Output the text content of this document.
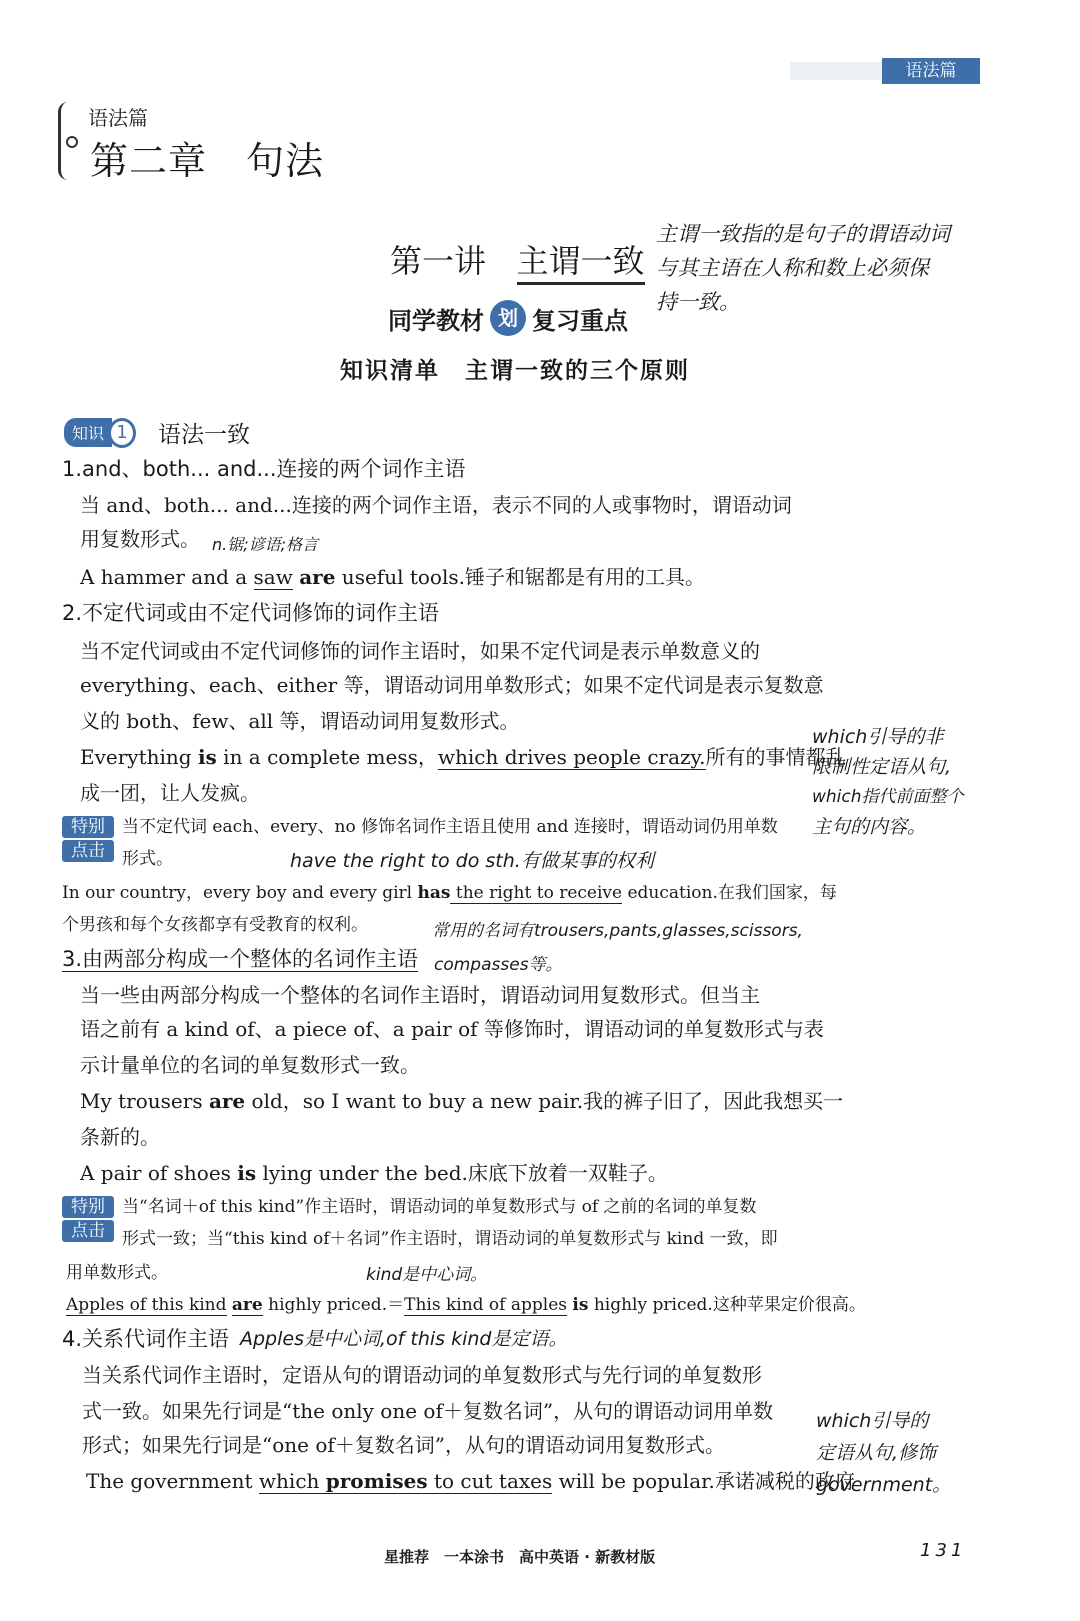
语法篇
语法篇
第二章　句法
第一讲 主谓一致
同学教材 划 复习重点
知识清单　主谓一致的三个原则
知识 1	语法一致
1.and、both... and...连接的两个词作主语
当 and、both... and...连接的两个词作主语，表示不同的人或事物时，谓语动词
用复数形式。
A hammer and a saw are useful tools.锤子和锯都是有用的工具。
2.不定代词或由不定代词修饰的词作主语
当不定代词或由不定代词修饰的词作主语时，如果不定代词是表示单数意义的
everything、each、either 等，谓语动词用单数形式；如果不定代词是表示复数意
义的 both、few、all 等，谓语动词用复数形式。
Everything is in a complete mess，which drives people crazy.所有的事情都乱
成一团，让人发疯。
特别
点击
当不定代词 each、every、no 修饰名词作主语且使用 and 连接时，谓语动词仍用单数
形式。
In our country，every boy and every girl has the right to receive education.在我们国家，每
个男孩和每个女孩都享有受教育的权利。
3.由两部分构成一个整体的名词作主语
当一些由两部分构成一个整体的名词作主语时，谓语动词用复数形式。但当主
语之前有 a kind of、a piece of、a pair of 等修饰时，谓语动词的单复数形式与表
示计量单位的名词的单复数形式一致。
My trousers are old，so I want to buy a new pair.我的裤子旧了，因此我想买一
条新的。
A pair of shoes is lying under the bed.床底下放着一双鞋子。
特别
点击
当“名词＋of this kind”作主语时，谓语动词的单复数形式与 of 之前的名词的单复数
形式一致；当“this kind of＋名词”作主语时，谓语动词的单复数形式与 kind 一致，即
用单数形式。
Apples of this kind are highly priced.＝This kind of apples is highly priced.这种苹果定价很高。
4.关系代词作主语
当关系代词作主语时，定语从句的谓语动词的单复数形式与先行词的单复数形
式一致。如果先行词是“the only one of＋复数名词”，从句的谓语动词用单数
形式；如果先行词是“one of＋复数名词”，从句的谓语动词用复数形式。
The government which promises to cut taxes will be popular.承诺减税的政府
主谓一致指的是句子的谓语动词
与其主语在人称和数上必须保
持一致。
n.锯;谚语;格言
which引导的非
限制性定语从句,
which指代前面整个
主句的内容。
have the right to do sth.有做某事的权利
常用的名词有trousers,pants,glasses,scissors,
compasses等。
kind是中心词。
Apples是中心词,of this kind是定语。
which引导的
定语从句,修饰
government。
星推荐　一本涂书　高中英语 · 新教材版	131
